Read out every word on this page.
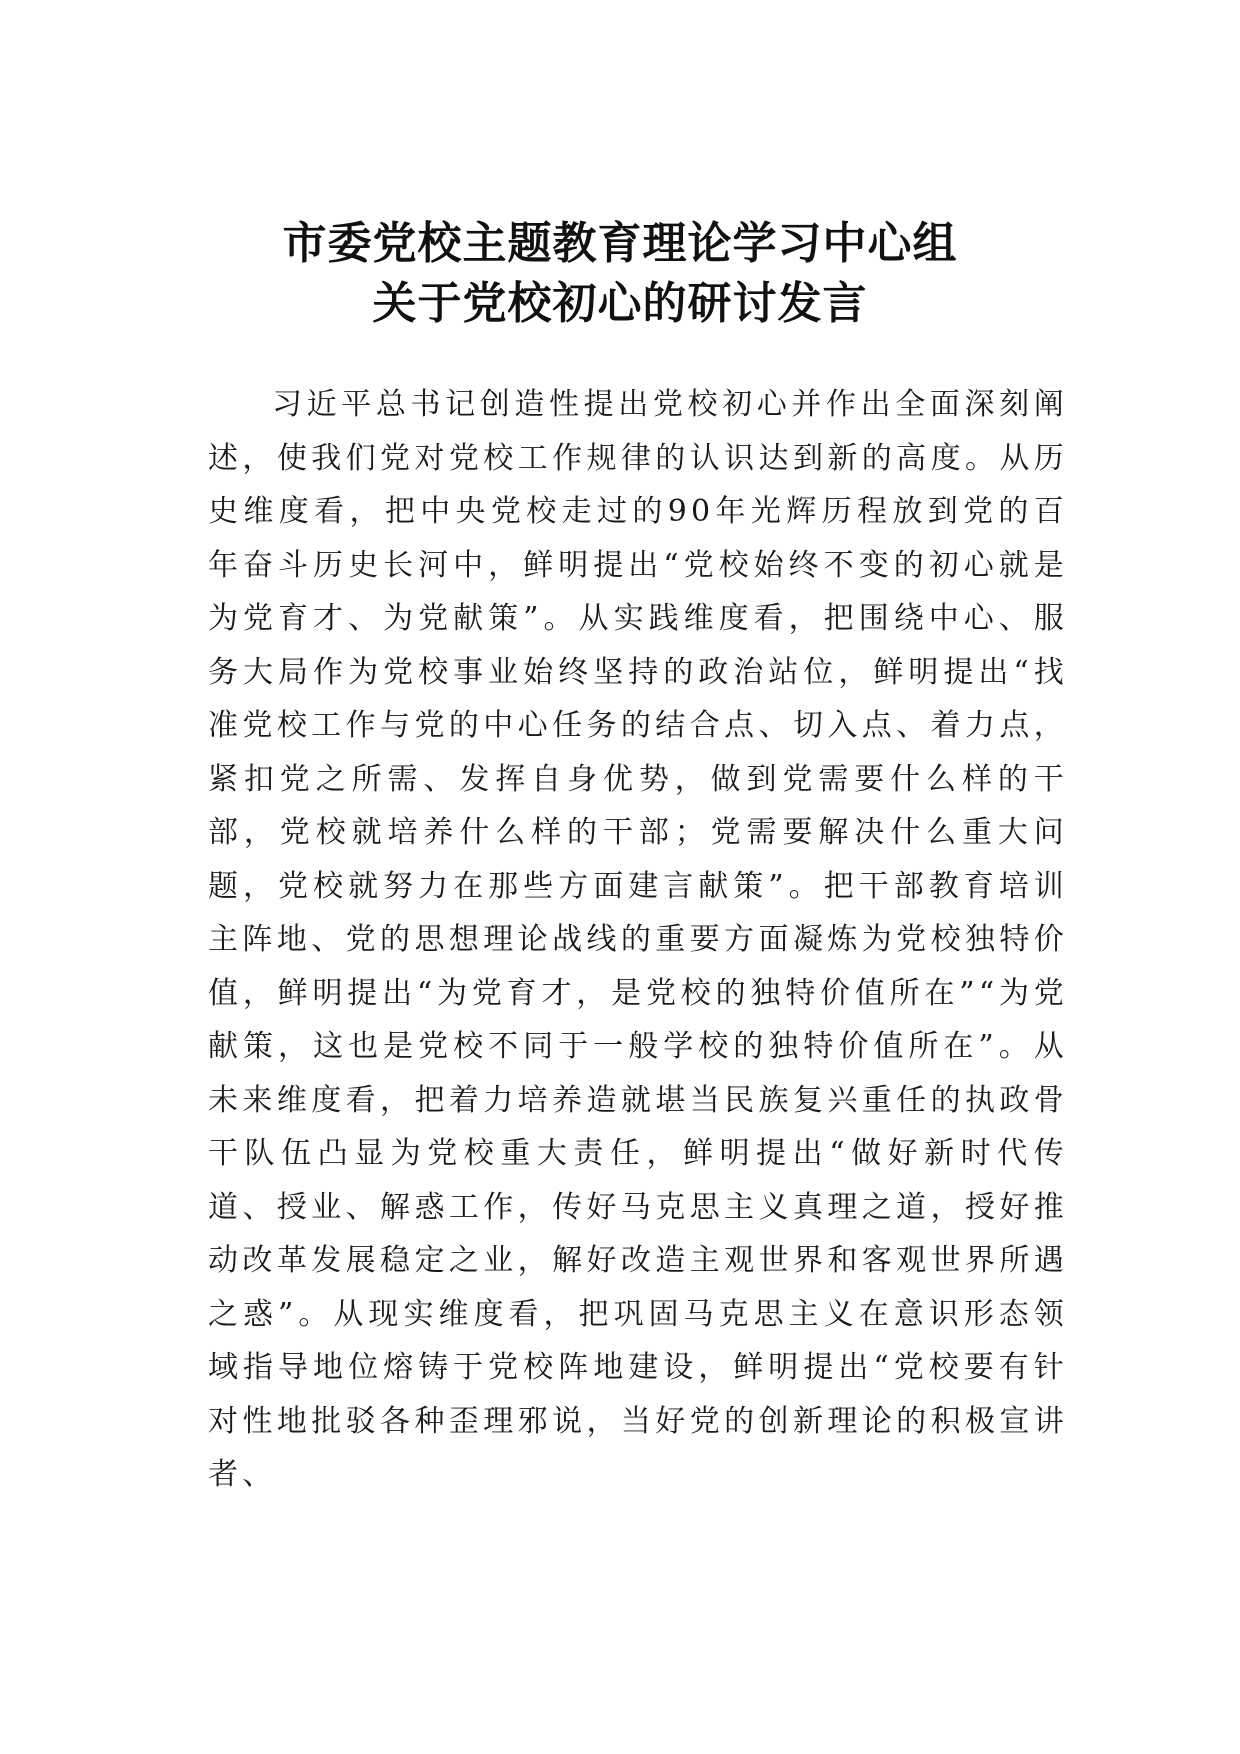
市委党校主题教育理论学习中心组
关于党校初心的研讨发言

习近平总书记创造性提出党校初心并作出全面深刻阐述，使我们党对党校工作规律的认识达到新的高度。从历史维度看，把中央党校走过的90年光辉历程放到党的百年奋斗历史长河中，鲜明提出“党校始终不变的初心就是为党育才、为党献策”。从实践维度看，把围绕中心、服务大局作为党校事业始终坚持的政治站位，鲜明提出“找准党校工作与党的中心任务的结合点、切入点、着力点，紧扣党之所需、发挥自身优势，做到党需要什么样的干部，党校就培养什么样的干部；党需要解决什么重大问题，党校就努力在那些方面建言献策”。把干部教育培训主阵地、党的思想理论战线的重要方面凝炼为党校独特价值，鲜明提出“为党育才，是党校的独特价值所在”“为党献策，这也是党校不同于一般学校的独特价值所在”。从未来维度看，把着力培养造就堪当民族复兴重任的执政骨干队伍凸显为党校重大责任，鲜明提出“做好新时代传道、授业、解惑工作，传好马克思主义真理之道，授好推动改革发展稳定之业，解好改造主观世界和客观世界所遇之惑”。从现实维度看，把巩固马克思主义在意识形态领域指导地位熔铸于党校阵地建设，鲜明提出“党校要有针对性地批驳各种歪理邪说，当好党的创新理论的积极宣讲者、
